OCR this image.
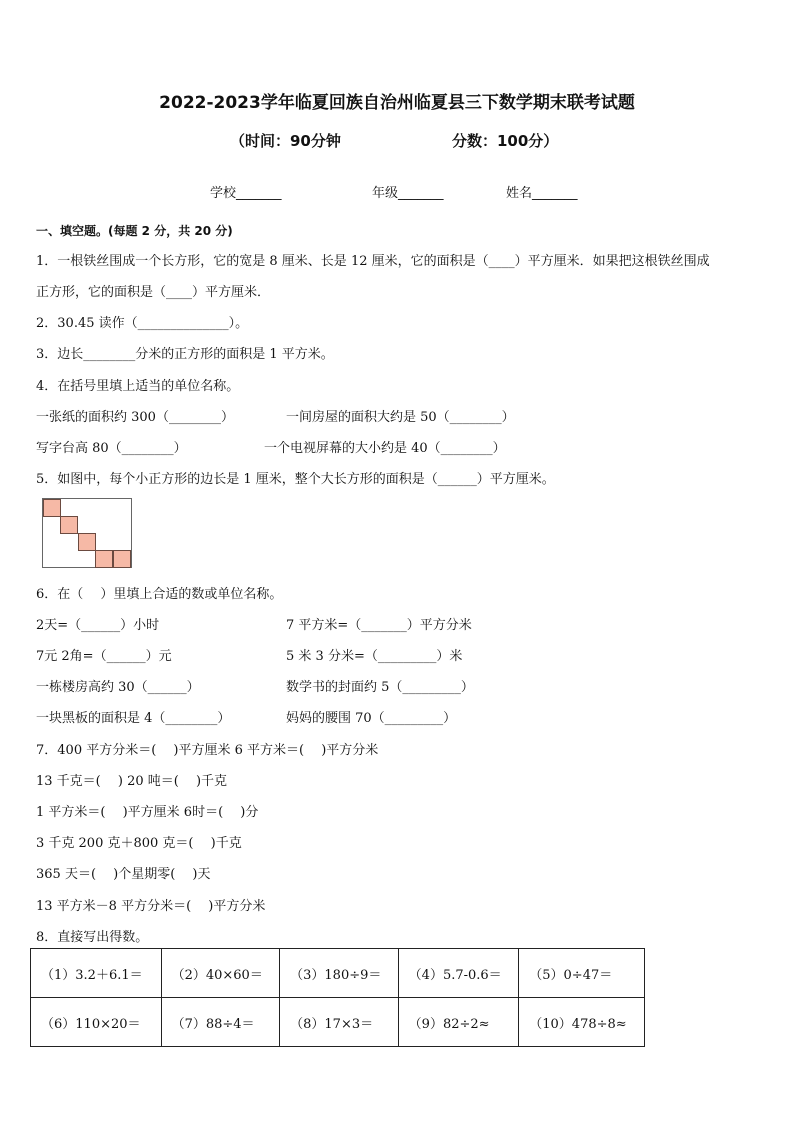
2022-2023学年临夏回族自治州临夏县三下数学期末联考试题
（时间：90分钟	分数：100分）
学校_______	年级_______	姓名_______
一、填空题。(每题 2 分，共 20 分)
1．一根铁丝围成一个长方形，它的宽是 8 厘米、长是 12 厘米，它的面积是（____）平方厘米．如果把这根铁丝围成
正方形，它的面积是（____）平方厘米．
2．30.45 读作（______________）。
3．边长________分米的正方形的面积是 1 平方米。
4．在括号里填上适当的单位名称。
一张纸的面积约 300（________）	一间房屋的面积大约是 50（________）
写字台高 80（________）	一个电视屏幕的大小约是 40（________）
5．如图中，每个小正方形的边长是 1 厘米，整个大长方形的面积是（______）平方厘米。
6．在（　 ）里填上合适的数或单位名称。
2天=（______）小时	7 平方米=（_______）平方分米
7元 2角=（______）元	5 米 3 分米=（_________）米
一栋楼房高约 30（______）	数学书的封面约 5（_________）
一块黑板的面积是 4（________）	妈妈的腰围 70（_________）
7．400 平方分米＝(　 )平方厘米 6 平方米＝(　 )平方分米
13 千克＝(　 ) 20 吨＝(　 )千克
1 平方米＝(　 )平方厘米 6时＝(　 )分
3 千克 200 克＋800 克＝(　 )千克
365 天＝(　 )个星期零(　 )天
13 平方米－8 平方分米＝(　 )平方分米
8．直接写出得数。
（1）3.2＋6.1＝	（2）40×60＝	（3）180÷9＝	（4）5.7-0.6＝	（5）0÷47＝
（6）110×20＝	（7）88÷4＝	（8）17×3＝	（9）82÷2≈	（10）478÷8≈
